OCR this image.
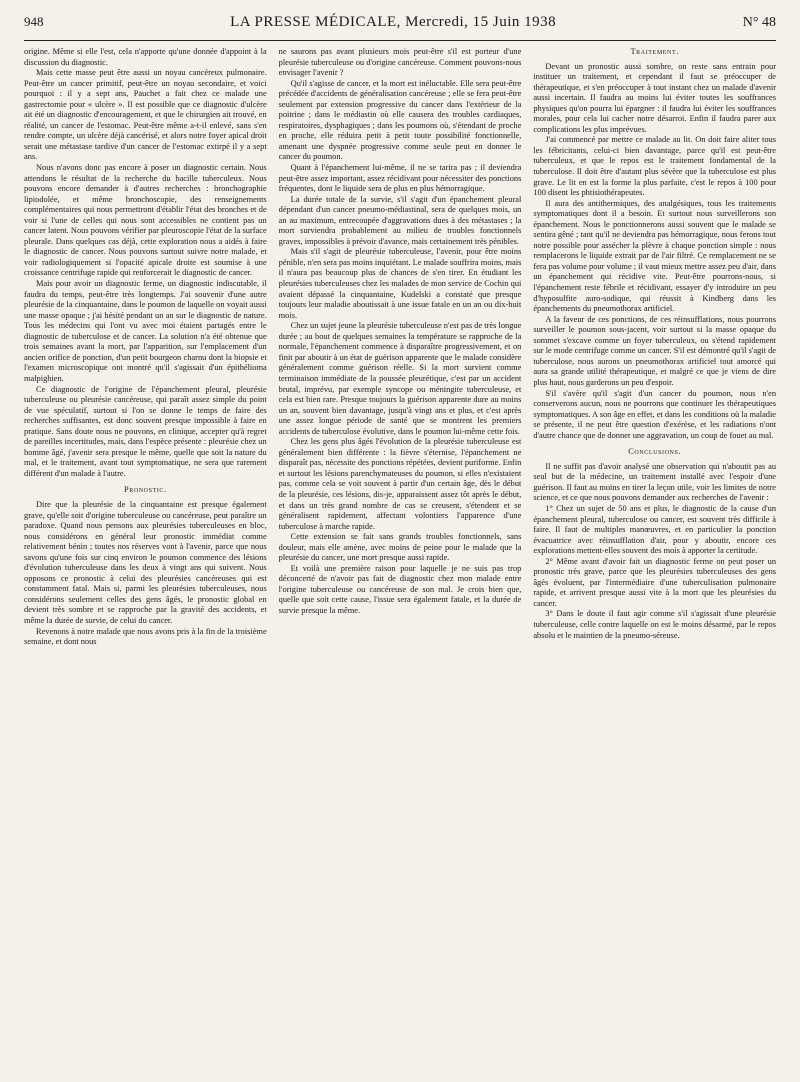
948	LA PRESSE MÉDICALE, Mercredi, 15 Juin 1938	N° 48

origine. Même si elle l'est, cela n'apporte qu'une donnée d'appoint à la discussion du diagnostic.

Mais cette masse peut être aussi un noyau cancéreux pulmonaire. Peut-être un cancer primitif, peut-être un noyau secondaire, et voici pourquoi : il y a sept ans, Pauchet a fait chez ce malade une gastrectomie pour « ulcère ». Il est possible que ce diagnostic d'ulcère ait été un diagnostic d'encouragement, et que le chirurgien ait trouvé, en réalité, un cancer de l'estomac. Peut-être même a-t-il enlevé, sans s'en rendre compte, un ulcère déjà cancérisé, et alors notre foyer apical droit serait une métastase tardive d'un cancer de l'estomac extirpé il y a sept ans.

Nous n'avons donc pas encore à poser un diagnostic certain. Nous attendons le résultat de la recherche du bacille tuberculeux. Nous pouvons encore demander à d'autres recherches : bronchographie lipiodolée, et même bronchoscopie, des renseignements complémentaires qui nous permettront d'établir l'état des bronches et de voir si l'une de celles qui nous sont accessibles ne contient pas un cancer latent. Nous pouvons vérifier par pleuroscopie l'état de la surface pleurale. Dans quelques cas déjà, cette exploration nous a aidés à faire le diagnostic de cancer. Nous pouvons surtout suivre notre malade, et voir radiologiquement si l'opacité apicale droite est soumise à une croissance centrifuge rapide qui renforcerait le diagnostic de cancer.

Mais pour avoir un diagnostic ferme, un diagnostic indiscutable, il faudra du temps, peut-être très longtemps. J'ai souvenir d'une autre pleurésie de la cinquantaine, dans le poumon de laquelle on voyait aussi une masse opaque ; j'ai hésité pendant un an sur le diagnostic de nature. Tous les médecins qui l'ont vu avec moi étaient partagés entre le diagnostic de tuberculose et de cancer. La solution n'a été obtenue que trois semaines avant la mort, par l'apparition, sur l'emplacement d'un ancien orifice de ponction, d'un petit bourgeon charnu dont la biopsie et l'examen microscopique ont montré qu'il s'agissait d'un épithélioma malpighien.

Ce diagnostic de l'origine de l'épanchement pleural, pleurésie tuberculeuse ou pleurésie cancéreuse, qui paraît assez simple du point de vue spéculatif, surtout si l'on se donne le temps de faire des recherches suffisantes, est donc souvent presque impossible à faire en pratique. Sans doute nous ne pouvons, en clinique, accepter qu'à regret de pareilles incertitudes, mais, dans l'espèce présente : pleurésie chez un homme âgé, j'avenir sera presque le même, quelle que soit la nature du mal, et le traitement, avant tout symptomatique, ne sera que rarement différent d'un malade à l'autre.

Pronostic.

Dire que la pleurésie de la cinquantaine est presque également grave, qu'elle soit d'origine tuberculeuse ou cancéreuse, peut paraître un paradoxe. Quand nous pensons aux pleurésies tuberculeuses en bloc, nous considérons en général leur pronostic immédiat comme relativement bénin ; toutes nos réserves vont à l'avenir, parce que nous savons qu'une fois sur cinq environ le poumon commence des lésions d'évolution tuberculeuse dans les deux à vingt ans qui suivent. Nous opposons ce pronostic à celui des pleurésies cancéreuses qui est constamment fatal. Mais si, parmi les pleurésies tuberculeuses, nous considérons seulement celles des gens âgés, le pronostic global en devient très sombre et se rapproche par la gravité des accidents, et même la durée de survie, de celui du cancer.

Revenons à notre malade que nous avons pris à la fin de la troisième semaine, et dont nous

ne saurons pas avant plusieurs mois peut-être s'il est porteur d'une pleurésie tuberculeuse ou d'origine cancéreuse. Comment pouvons-nous envisager l'avenir ?

Qu'il s'agisse de cancer, et la mort est inéluctable. Elle sera peut-être précédée d'accidents de généralisation cancéreuse ; elle se fera peut-être seulement par extension progressive du cancer dans l'extérieur de la poitrine ; dans le médiastin où elle causera des troubles cardiaques, respiratoires, dysphagiques ; dans les poumons où, s'étendant de proche en proche, elle réduira petit à petit toute possibilité fonctionnelle, amenant une dyspnée progressive comme seule peut en donner le cancer du poumon.

Quant à l'épanchement lui-même, il ne se tarira pas ; il deviendra peut-être assez important, assez récidivant pour nécessiter des ponctions fréquentes, dont le liquide sera de plus en plus hémorragique.

La durée totale de la survie, s'il s'agit d'un épanchement pleural dépendant d'un cancer pneumo-médiastinal, sera de quelques mois, un an au maximum, entrecoupée d'aggravations dues à des métastases ; la mort surviendra probablement au milieu de troubles fonctionnels graves, impossibles à prévoir d'avance, mais certainement très pénibles.

Mais s'il s'agit de pleurésie tuberculeuse, l'avenir, pour être moins pénible, n'en sera pas moins inquiétant. Le malade souffrira moins, mais il n'aura pas beaucoup plus de chances de s'en tirer. En étudiant les pleurésies tuberculeuses chez les malades de mon service de Cochin qui avaient dépassé la cinquantaine, Kudelski a constaté que presque toujours leur maladie aboutissait à une issue fatale en un an ou dix-huit mois.

Chez un sujet jeune la pleurésie tuberculeuse n'est pas de très longue durée ; au bout de quelques semaines la température se rapproche de la normale, l'épanchement commence à disparaître progressivement, et on finit par aboutir à un état de guérison apparente que le malade considère généralement comme guérison réelle. Si la mort survient comme terminaison immédiate de la poussée pleurétique, c'est par un accident brutal, imprévu, par exemple syncope ou méningite tuberculeuse, et cela est bien rare. Presque toujours la guérison apparente dure au moins un an, souvent bien davantage, jusqu'à vingt ans et plus, et c'est après une assez longue période de santé que se montrent les premiers accidents de tuberculose évolutive, dans le poumon lui-même cette fois.

Chez les gens plus âgés l'évolution de la pleurésie tuberculeuse est généralement bien différente : la fièvre s'éternise, l'épanchement ne disparaît pas, nécessite des ponctions répétées, devient puriforme. Enfin et surtout les lésions parenchymateuses du poumon, si elles n'existaient pas, comme cela se voit souvent à partir d'un certain âge, dès le début de la pleurésie, ces lésions, dis-je, apparaissent assez tôt après le début, et dans un très grand nombre de cas se creusent, s'étendent et se généralisent rapidement, affectant volontiers l'apparence d'une tuberculose à marche rapide.

Cette extension se fait sans grands troubles fonctionnels, sans douleur, mais elle amène, avec moins de peine pour le malade que la pleurésie du cancer, une mort presque aussi rapide.

Et voilà une première raison pour laquelle je ne suis pas trop déconcerté de n'avoir pas fait de diagnostic chez mon malade entre l'origine tuberculeuse ou cancéreuse de son mal. Je crois bien que, quelle que soit cette cause, l'issue sera également fatale, et la durée de survie presque la même.

Traitement.

Devant un pronostic aussi sombre, on reste sans entrain pour instituer un traitement, et cependant il faut se préoccuper de thérapeutique, et s'en préoccuper à tout instant chez un malade d'avenir aussi incertain. Il faudra au moins lui éviter toutes les souffrances physiques qu'on pourra lui épargner : il faudra lui éviter les souffrances morales, pour cela lui cacher notre désarroi. Enfin il faudra parer aux complications les plus imprévues.

J'ai commencé par mettre ce malade au lit. On doit faire aliter tous les fébricitants, celui-ci bien davantage, parce qu'il est peut-être tuberculeux, et que le repos est le traitement fondamental de la tuberculose. Il doit être d'autant plus sévère que la tuberculose est plus grave. Le lit en est la forme la plus parfaite, c'est le repos à 100 pour 100 disent les phtisiothérapeutes.

Il aura des antithermiques, des analgésiques, tous les traitements symptomatiques dont il a besoin. Et surtout nous surveillerons son épanchement. Nous le ponctionnerons aussi souvent que le malade se sentira gêné ; tant qu'il ne deviendra pas hémorragique, nous ferons tout notre possible pour assécher la plèvre à chaque ponction simple : nous remplacerons le liquide extrait par de l'air filtré. Ce remplacement ne se fera pas volume pour volume ; il vaut mieux mettre assez peu d'air, dans un épanchement qui récidive vite. Peut-être pourrons-nous, si l'épanchement reste fébrile et récidivant, essayer d'y introduire un peu d'hyposulfite auro-sodique, qui réussit à Kindberg dans les épanchements du pneumothorax artificiel.

A la faveur de ces ponctions, de ces réinsufflations, nous pourrons surveiller le poumon sous-jacent, voir surtout si la masse opaque du sommet s'excave comme un foyer tuberculeux, ou s'étend rapidement sur le mode centrifuge comme un cancer. S'il est démontré qu'il s'agit de tuberculose, nous aurons un pneumothorax artificiel tout amorcé qui aura sa grande utilité thérapeutique, et malgré ce que je viens de dire plus haut, nous garderons un peu d'espoir.

S'il s'avère qu'il s'agit d'un cancer du poumon, nous n'en conserverons aucun, nous ne pourrons que continuer les thérapeutiques symptomatiques. A son âge en effet, et dans les conditions où la maladie se présente, il ne peut être question d'exérèse, et les radiations n'ont d'autre chance que de donner une aggravation, un coup de fouet au mal.

Conclusions.

Il ne suffit pas d'avoir analysé une observation qui n'aboutit pas au seul but de la médecine, un traitement installé avec l'espoir d'une guérison. Il faut au moins en tirer la leçon utile, voir les limites de notre science, et ce que nous pouvons demander aux recherches de l'avenir :

1° Chez un sujet de 50 ans et plus, le diagnostic de la cause d'un épanchement pleural, tuberculose ou cancer, est souvent très difficile à faire. Il faut de multiples manœuvres, et en particulier la ponction évacuatrice avec réinsufflation d'air, pour y aboutir, encore ces explorations mettent-elles souvent des mois à apporter la certitude.

2° Même avant d'avoir fait un diagnostic ferme on peut poser un pronostic très grave, parce que les pleurésies tuberculeuses des gens âgés évoluent, par l'intermédiaire d'une tuberculisation pulmonaire rapide, et arrivent presque aussi vite à la mort que les pleurésies du cancer.

3° Dans le doute il faut agir comme s'il s'agissait d'une pleurésie tuberculeuse, celle contre laquelle on est le moins désarmé, par le repos absolu et le maintien de la pneumo-séreuse.
